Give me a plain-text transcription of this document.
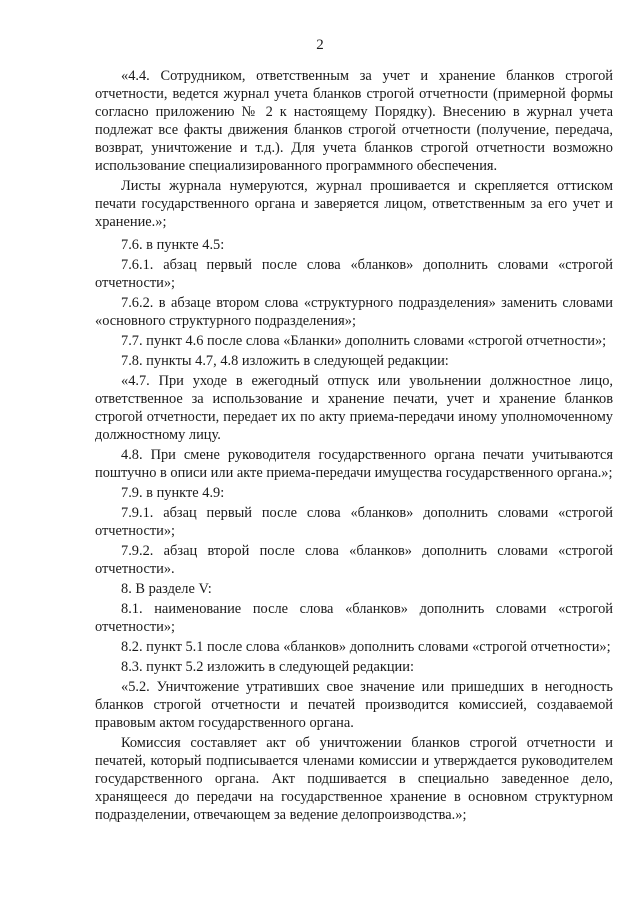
2

«4.4. Сотрудником, ответственным за учет и хранение бланков строгой отчетности, ведется журнал учета бланков строгой отчетности (примерной формы согласно приложению № 2 к настоящему Порядку). Внесению в журнал учета подлежат все факты движения бланков строгой отчетности (получение, передача, возврат, уничтожение и т.д.). Для учета бланков строгой отчетности возможно использование специализированного программного обеспечения.

Листы журнала нумеруются, журнал прошивается и скрепляется оттиском печати государственного органа и заверяется лицом, ответственным за его учет и хранение.»;

7.6. в пункте 4.5:

7.6.1. абзац первый после слова «бланков» дополнить словами «строгой отчетности»;

7.6.2. в абзаце втором слова «структурного подразделения» заменить словами «основного структурного подразделения»;

7.7. пункт 4.6 после слова «Бланки» дополнить словами «строгой отчетности»;

7.8. пункты 4.7, 4.8 изложить в следующей редакции:

«4.7. При уходе в ежегодный отпуск или увольнении должностное лицо, ответственное за использование и хранение печати, учет и хранение бланков строгой отчетности, передает их по акту приема-передачи иному уполномоченному должностному лицу.

4.8. При смене руководителя государственного органа печати учитываются поштучно в описи или акте приема-передачи имущества государственного органа.»;

7.9. в пункте 4.9:

7.9.1. абзац первый после слова «бланков» дополнить словами «строгой отчетности»;

7.9.2. абзац второй после слова «бланков» дополнить словами «строгой отчетности».

8. В разделе V:

8.1. наименование после слова «бланков» дополнить словами «строгой отчетности»;

8.2. пункт 5.1 после слова «бланков» дополнить словами «строгой отчетности»;

8.3. пункт 5.2 изложить в следующей редакции:

«5.2. Уничтожение утративших свое значение или пришедших в негодность бланков строгой отчетности и печатей производится комиссией, создаваемой правовым актом государственного органа.

Комиссия составляет акт об уничтожении бланков строгой отчетности и печатей, который подписывается членами комиссии и утверждается руководителем государственного органа. Акт подшивается в специально заведенное дело, хранящееся до передачи на государственное хранение в основном структурном подразделении, отвечающем за ведение делопроизводства.»;
